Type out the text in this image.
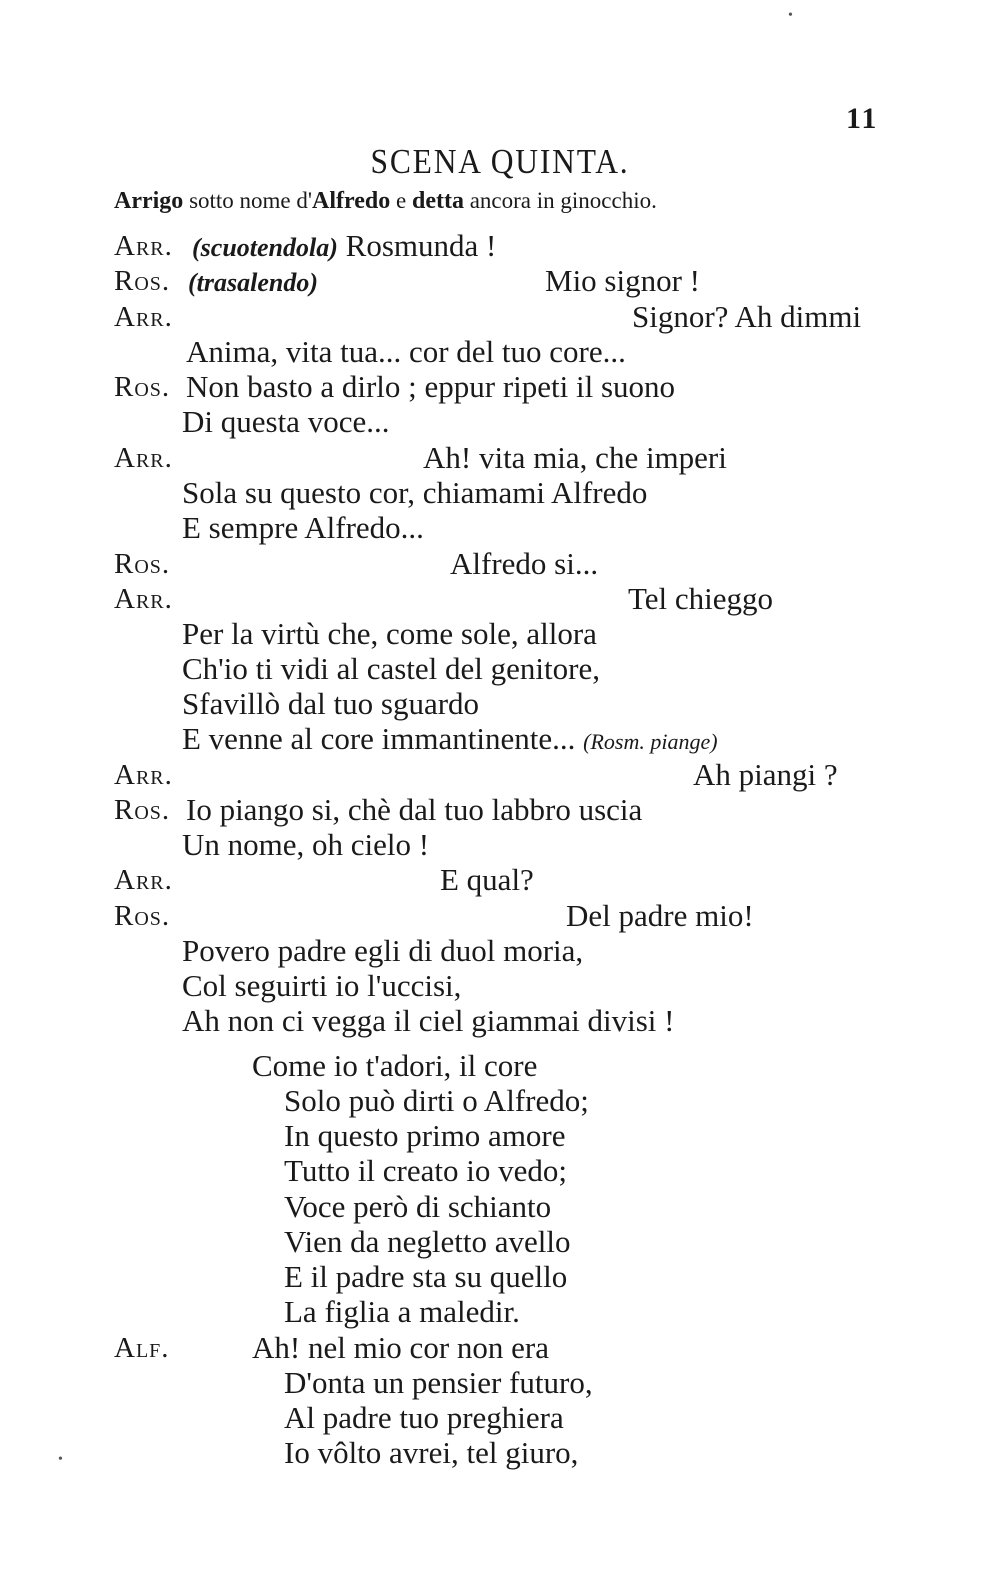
•
•
11
SCENA QUINTA.
Arrigo sotto nome d'Alfredo e detta ancora in ginocchio.
Arr. (scuotendola) Rosmunda !
Ros. (trasalendo)	Mio signor !
Arr.	Signor? Ah dimmi
Anima, vita tua... cor del tuo core...
Ros. Non basto a dirlo ; eppur ripeti il suono
Di questa voce...
Arr.	Ah! vita mia, che imperi
Sola su questo cor, chiamami Alfredo
E sempre Alfredo...
Ros.	Alfredo si...
Arr.	Tel chieggo
Per la virtù che, come sole, allora
Ch'io ti vidi al castel del genitore,
Sfavillò dal tuo sguardo
E venne al core immantinente... (Rosm. piange)
Arr.	Ah piangi ?
Ros. Io piango si, chè dal tuo labbro uscia
Un nome, oh cielo !
Arr.	E qual?
Ros.	Del padre mio!
Povero padre egli di duol moria,
Col seguirti io l'uccisi,
Ah non ci vegga il ciel giammai divisi !
Come io t'adori, il core
Solo può dirti o Alfredo;
In questo primo amore
Tutto il creato io vedo;
Voce però di schianto
Vien da negletto avello
E il padre sta su quello
La figlia a maledir.
Alf.	Ah! nel mio cor non era
D'onta un pensier futuro,
Al padre tuo preghiera
Io vôlto avrei, tel giuro,
